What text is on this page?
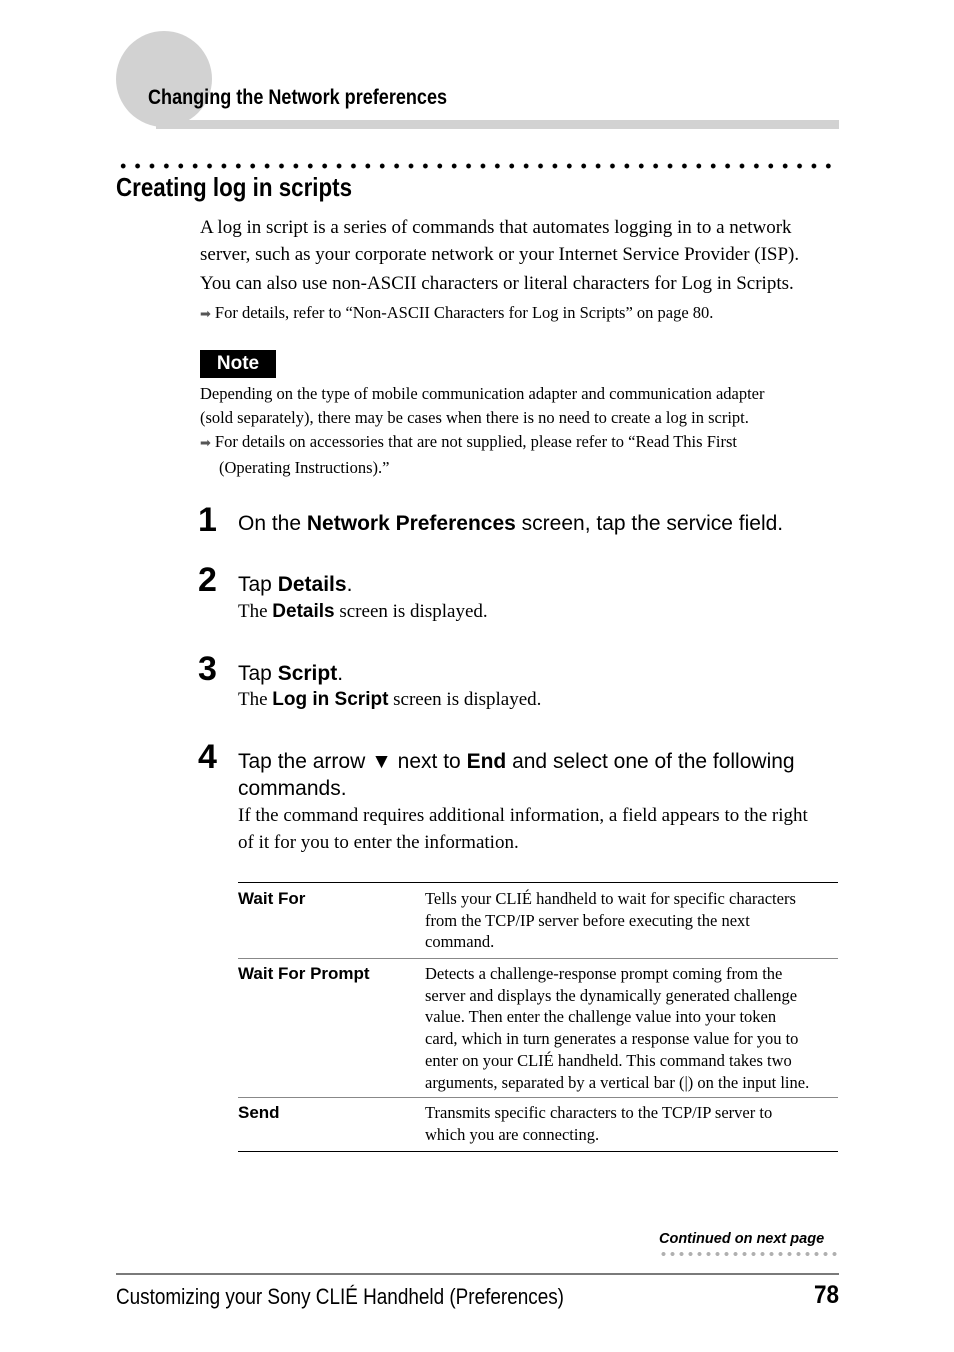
Changing the Network preferences
Creating log in scripts
A log in script is a series of commands that automates logging in to a network
server, such as your corporate network or your Internet Service Provider (ISP).
You can also use non-ASCII characters or literal characters for Log in Scripts.
➡ For details, refer to “Non-ASCII Characters for Log in Scripts” on page 80.
Note
Depending on the type of mobile communication adapter and communication adapter
(sold separately), there may be cases when there is no need to create a log in script.
➡ For details on accessories that are not supplied, please refer to “Read This First
(Operating Instructions).”
1 On the Network Preferences screen, tap the service field.
2 Tap Details.
The Details screen is displayed.
3 Tap Script.
The Log in Script screen is displayed.
4 Tap the arrow ▼ next to End and select one of the following
commands.
If the command requires additional information, a field appears to the right
of it for you to enter the information.
Wait For	Tells your CLIÉ handheld to wait for specific characters
from the TCP/IP server before executing the next
command.
Wait For Prompt	Detects a challenge-response prompt coming from the
server and displays the dynamically generated challenge
value. Then enter the challenge value into your token
card, which in turn generates a response value for you to
enter on your CLIÉ handheld. This command takes two
arguments, separated by a vertical bar (|) on the input line.
Send	Transmits specific characters to the TCP/IP server to
which you are connecting.
Continued on next page
Customizing your Sony CLIÉ Handheld (Preferences)	78
